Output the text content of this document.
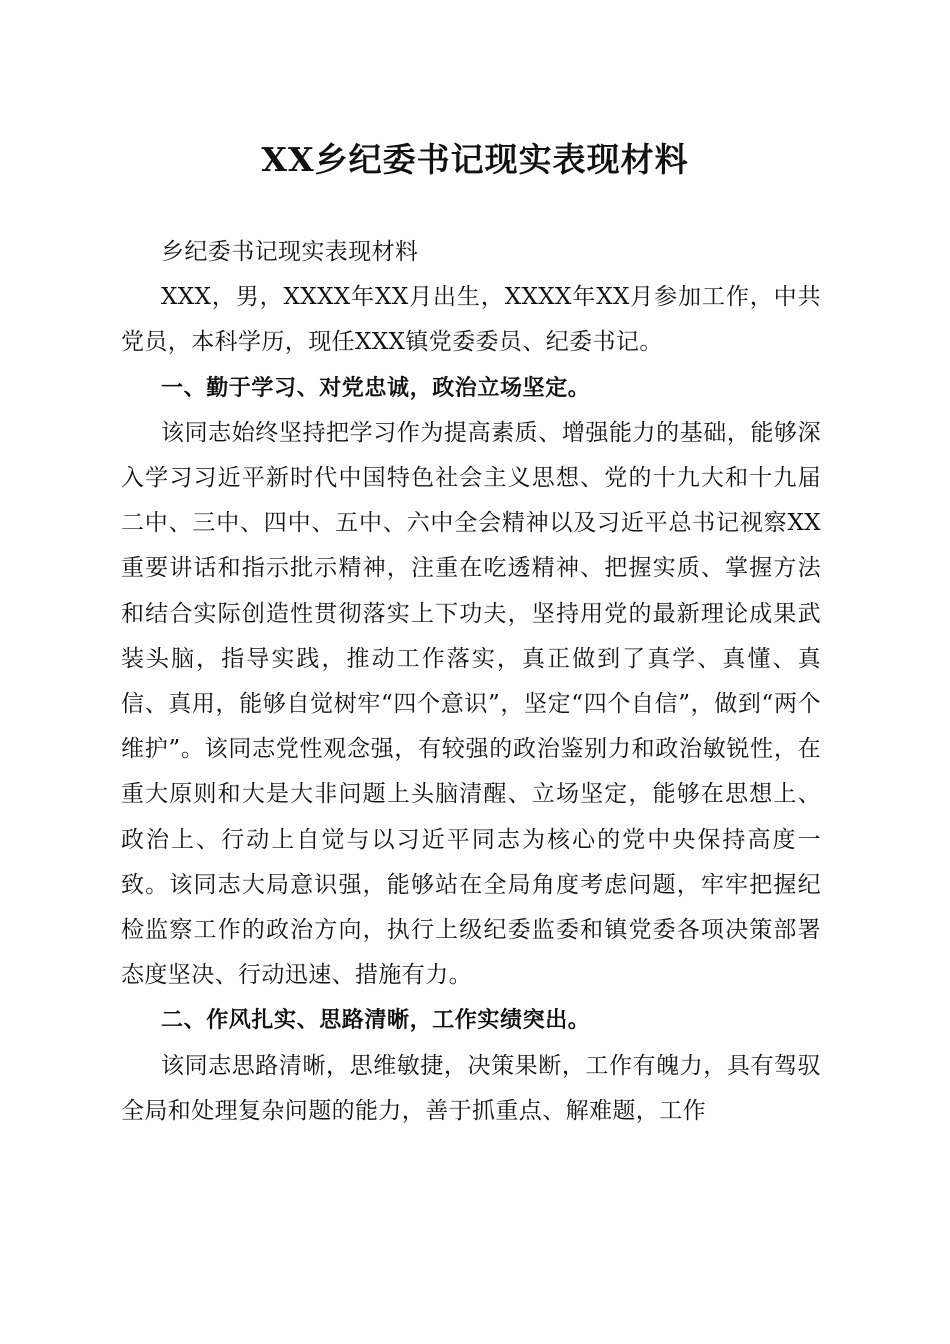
XX乡纪委书记现实表现材料

乡纪委书记现实表现材料

XXX，男，XXXX年XX月出生，XXXX年XX月参加工作，中共党员，本科学历，现任XXX镇党委委员、纪委书记。

一、勤于学习、对党忠诚，政治立场坚定。

该同志始终坚持把学习作为提高素质、增强能力的基础，能够深入学习习近平新时代中国特色社会主义思想、党的十九大和十九届二中、三中、四中、五中、六中全会精神以及习近平总书记视察XX重要讲话和指示批示精神，注重在吃透精神、把握实质、掌握方法和结合实际创造性贯彻落实上下功夫，坚持用党的最新理论成果武装头脑，指导实践，推动工作落实，真正做到了真学、真懂、真信、真用，能够自觉树牢“四个意识”，坚定“四个自信”，做到“两个维护”。该同志党性观念强，有较强的政治鉴别力和政治敏锐性，在重大原则和大是大非问题上头脑清醒、立场坚定，能够在思想上、政治上、行动上自觉与以习近平同志为核心的党中央保持高度一致。该同志大局意识强，能够站在全局角度考虑问题，牢牢把握纪检监察工作的政治方向，执行上级纪委监委和镇党委各项决策部署态度坚决、行动迅速、措施有力。

二、作风扎实、思路清晰，工作实绩突出。

该同志思路清晰，思维敏捷，决策果断，工作有魄力，具有驾驭全局和处理复杂问题的能力，善于抓重点、解难题，工作
